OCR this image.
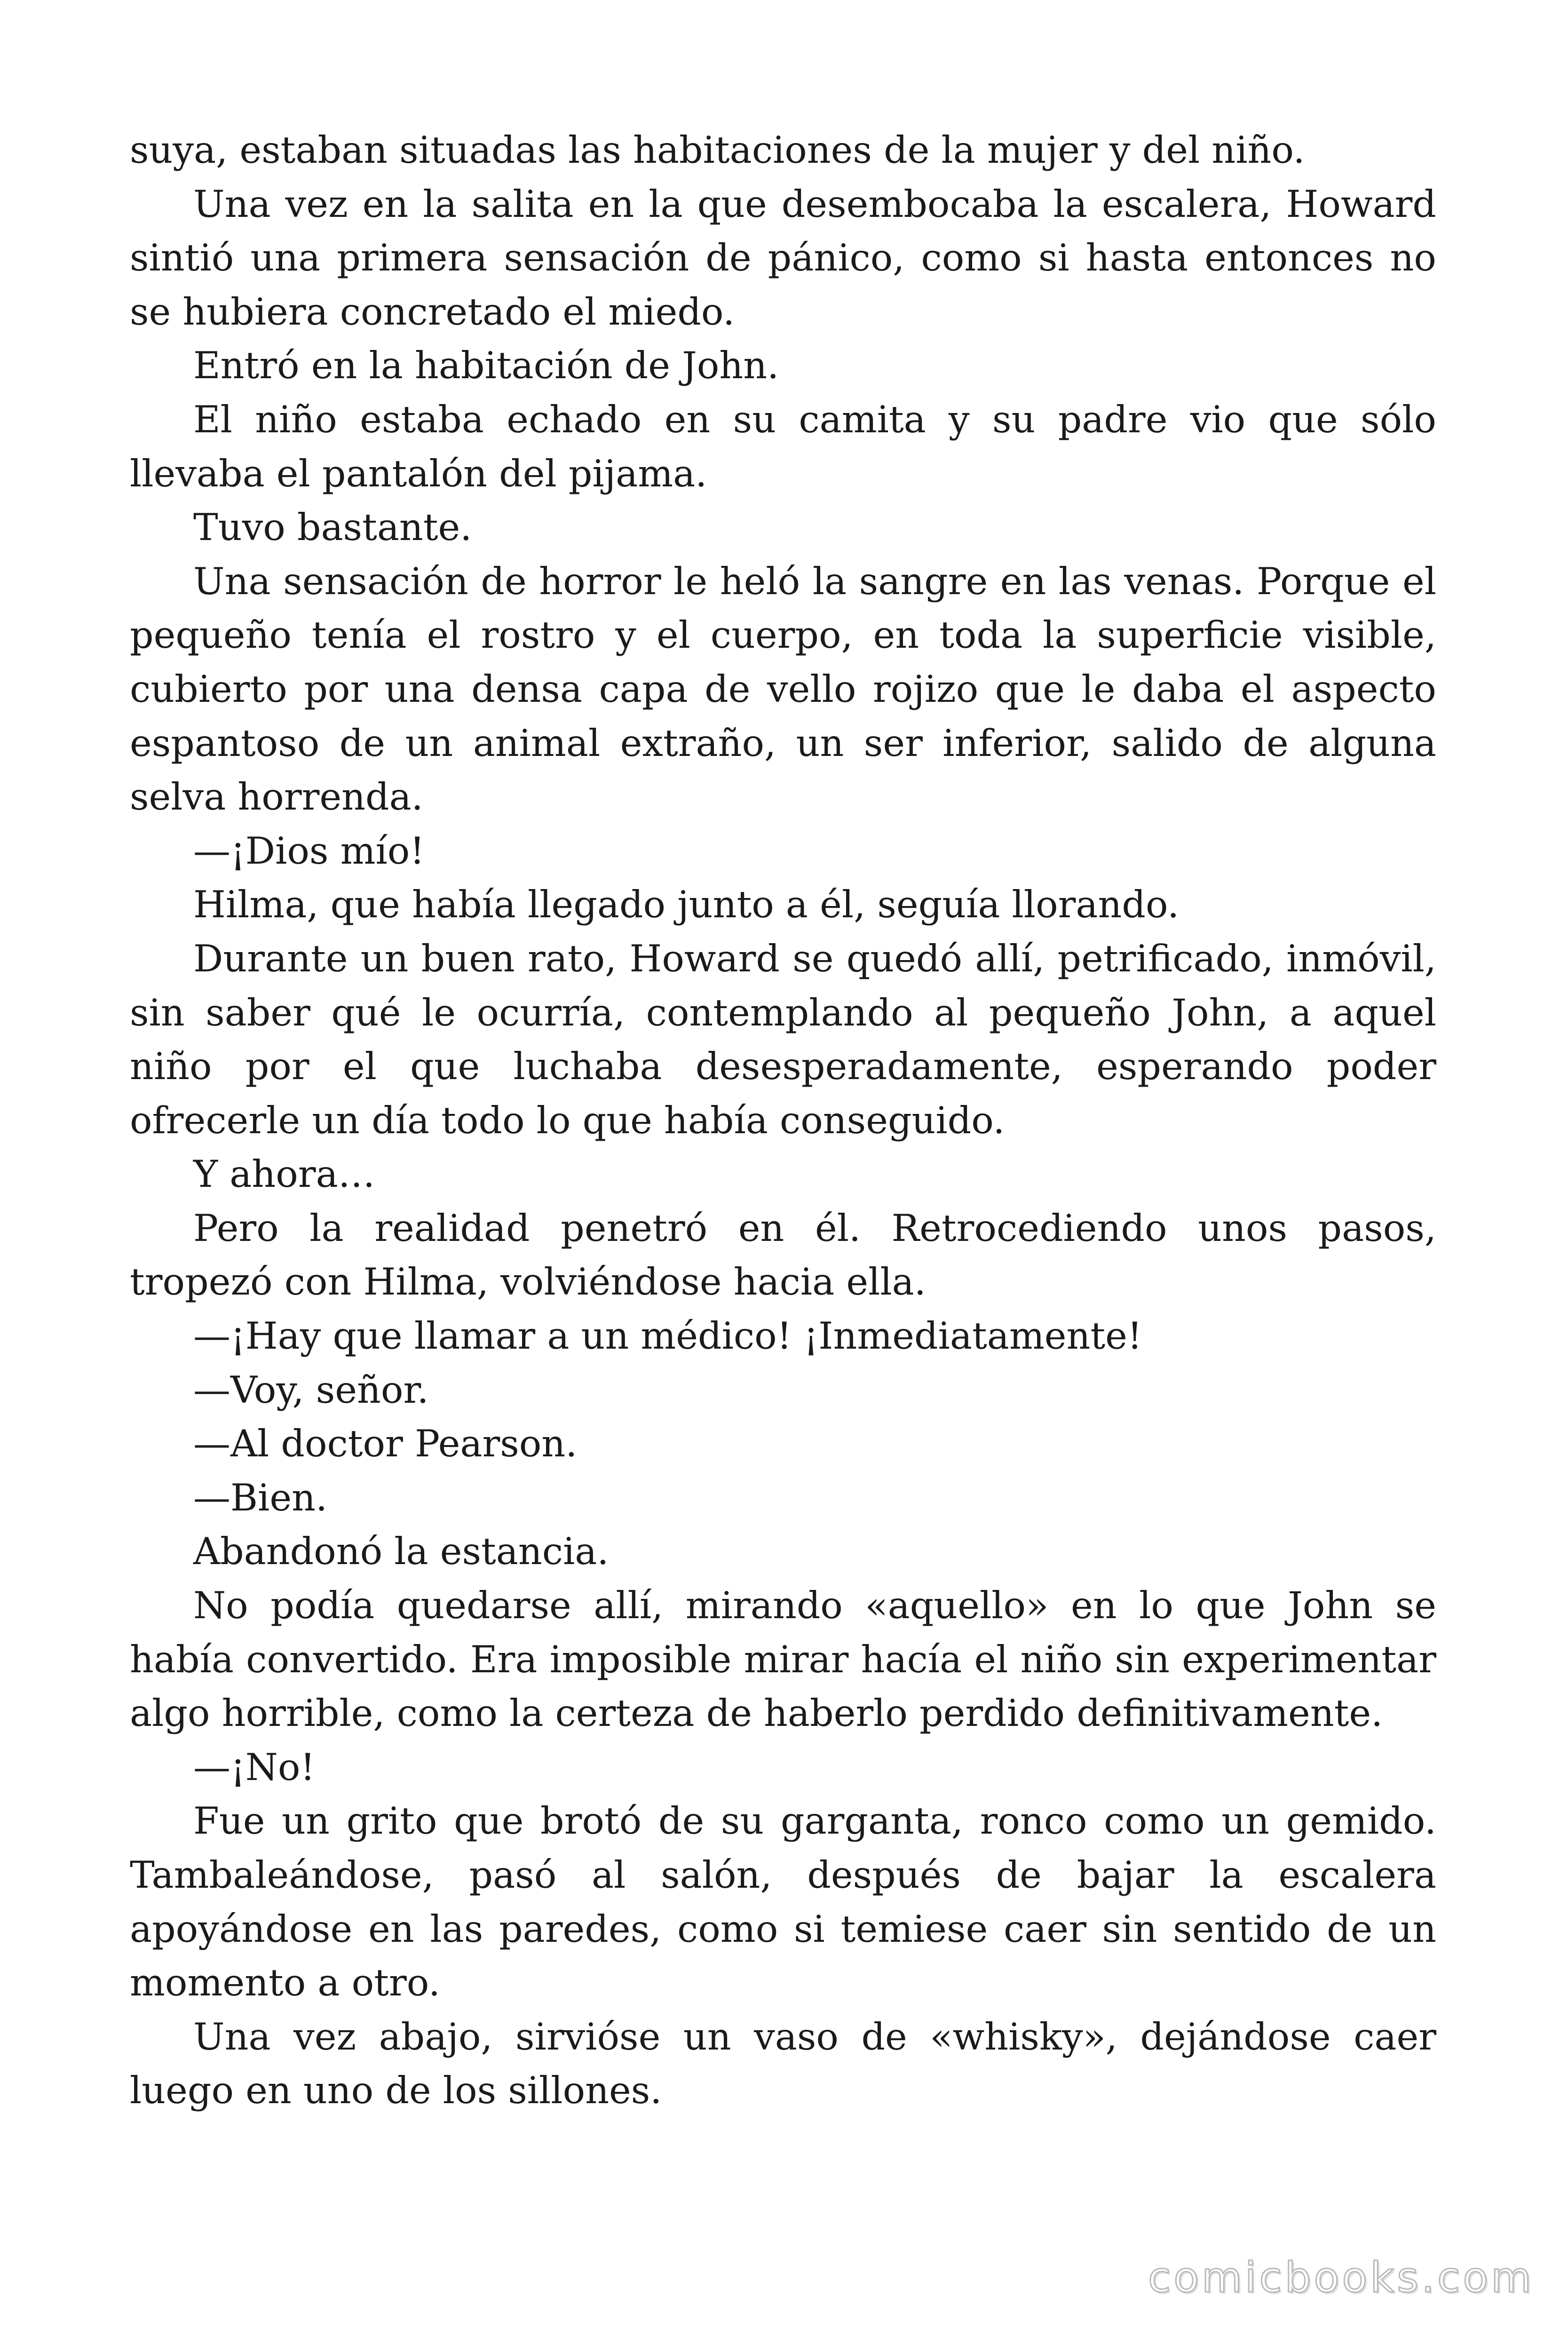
suya, estaban situadas las habitaciones de la mujer y del niño.

Una vez en la salita en la que desembocaba la escalera, Howard sintió una primera sensación de pánico, como si hasta entonces no se hubiera concretado el miedo.

Entró en la habitación de John.

El niño estaba echado en su camita y su padre vio que sólo llevaba el pantalón del pijama.

Tuvo bastante.

Una sensación de horror le heló la sangre en las venas. Porque el pequeño tenía el rostro y el cuerpo, en toda la superficie visible, cubierto por una densa capa de vello rojizo que le daba el aspecto espantoso de un animal extraño, un ser inferior, salido de alguna selva horrenda.

—¡Dios mío!

Hilma, que había llegado junto a él, seguía llorando.

Durante un buen rato, Howard se quedó allí, petrificado, inmóvil, sin saber qué le ocurría, contemplando al pequeño John, a aquel niño por el que luchaba desesperadamente, esperando poder ofrecerle un día todo lo que había conseguido.

Y ahora…

Pero la realidad penetró en él. Retrocediendo unos pasos, tropezó con Hilma, volviéndose hacia ella.

—¡Hay que llamar a un médico! ¡Inmediatamente!

—Voy, señor.

—Al doctor Pearson.

—Bien.

Abandonó la estancia.

No podía quedarse allí, mirando «aquello» en lo que John se había convertido. Era imposible mirar hacía el niño sin experimentar algo horrible, como la certeza de haberlo perdido definitivamente.

—¡No!

Fue un grito que brotó de su garganta, ronco como un gemido. Tambaleándose, pasó al salón, después de bajar la escalera apoyándose en las paredes, como si temiese caer sin sentido de un momento a otro.

Una vez abajo, sirvióse un vaso de «whisky», dejándose caer luego en uno de los sillones.

comicbooks.com
